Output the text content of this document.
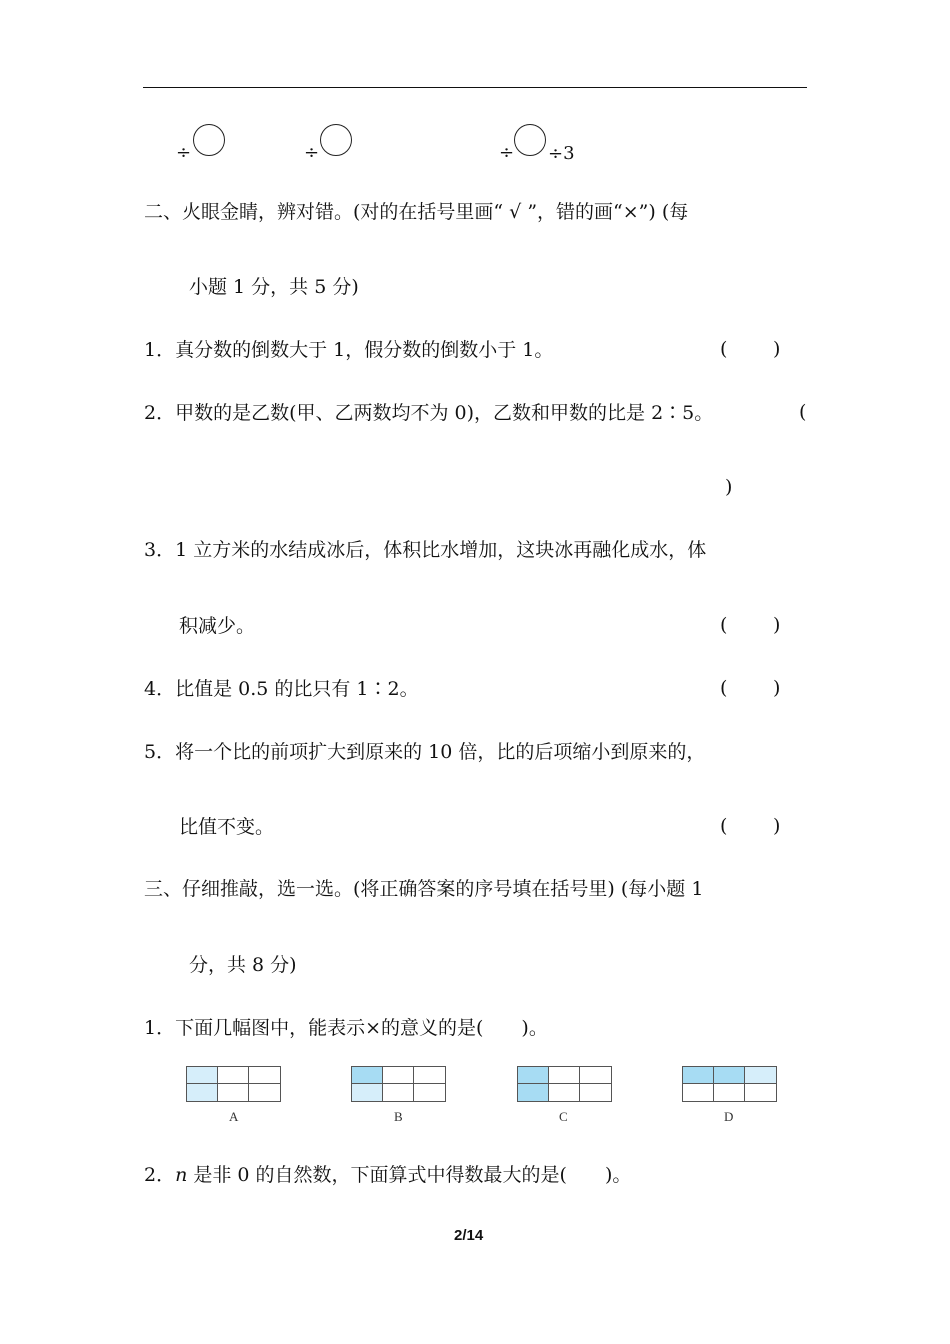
÷	÷	÷ ÷3
二、火眼金睛，辨对错。(对的在括号里画“ √ ”，错的画“×”) (每
小题 1 分，共 5 分)
1．真分数的倒数大于 1，假分数的倒数小于 1。	( )
2．甲数的是乙数(甲、乙两数均不为 0)，乙数和甲数的比是 2∶5。	(
)
3．1 立方米的水结成冰后，体积比水增加，这块冰再融化成水，体
积减少。	( )
4．比值是 0.5 的比只有 1∶2。	( )
5．将一个比的前项扩大到原来的 10 倍，比的后项缩小到原来的，
比值不变。	( )
三、仔细推敲，选一选。(将正确答案的序号填在括号里) (每小题 1
分，共 8 分)
1．下面几幅图中，能表示×的意义的是(　　)。
A	B	C	D
2．n 是非 0 的自然数，下面算式中得数最大的是(　　)。
2/14
